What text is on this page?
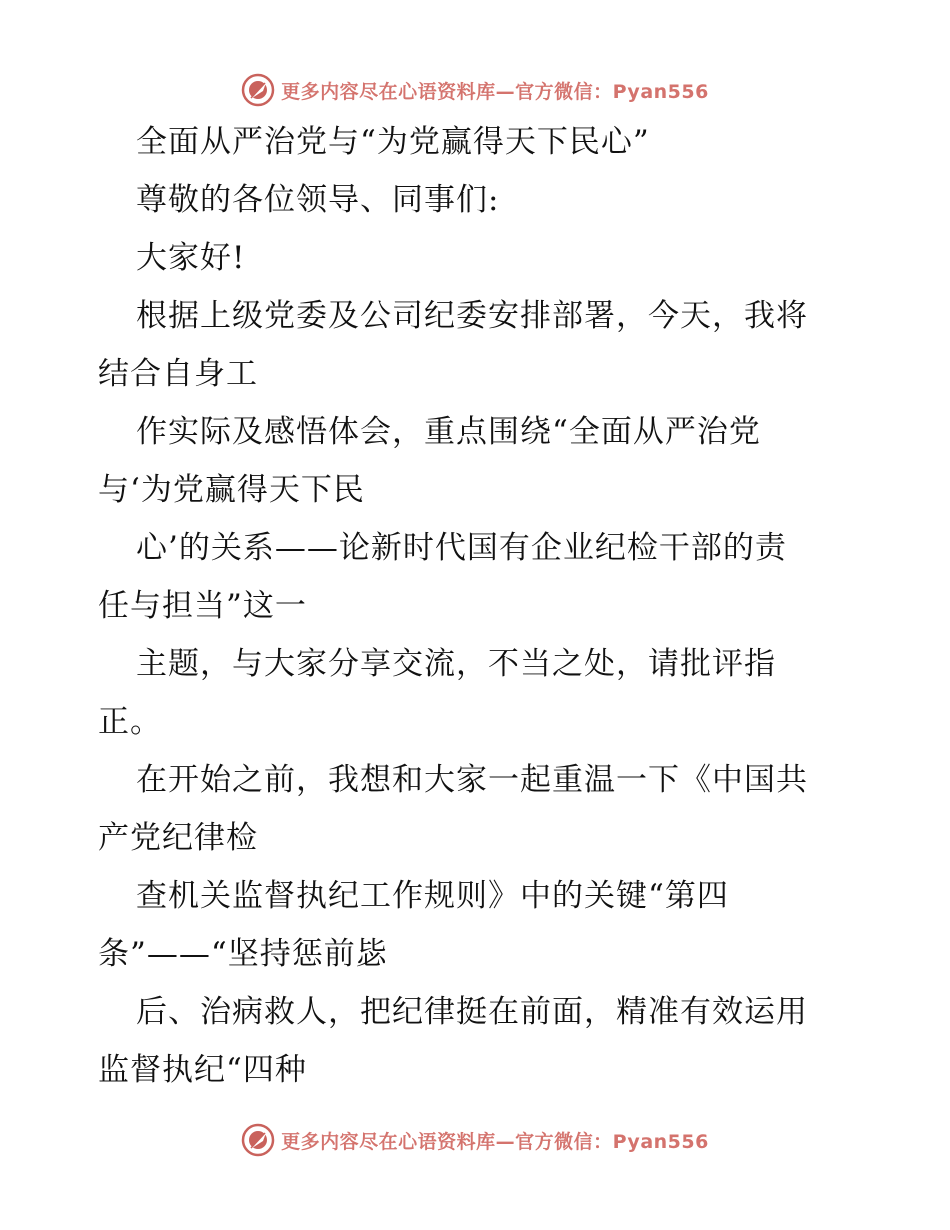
更多内容尽在心语资料库—官方微信：Pyan556
全面从严治党与“为党赢得天下民心”
尊敬的各位领导、同事们:
大家好!
根据上级党委及公司纪委安排部署，今天，我将
结合自身工
作实际及感悟体会，重点围绕“全面从严治党
与‘为党赢得天下民
心’的关系——论新时代国有企业纪检干部的责
任与担当”这一
主题，与大家分享交流，不当之处，请批评指
正。
在开始之前，我想和大家一起重温一下《中国共
产党纪律检
查机关监督执纪工作规则》中的关键“第四
条”——“坚持惩前毖
后、治病救人，把纪律挺在前面，精准有效运用
监督执纪“四种
更多内容尽在心语资料库—官方微信：Pyan556
